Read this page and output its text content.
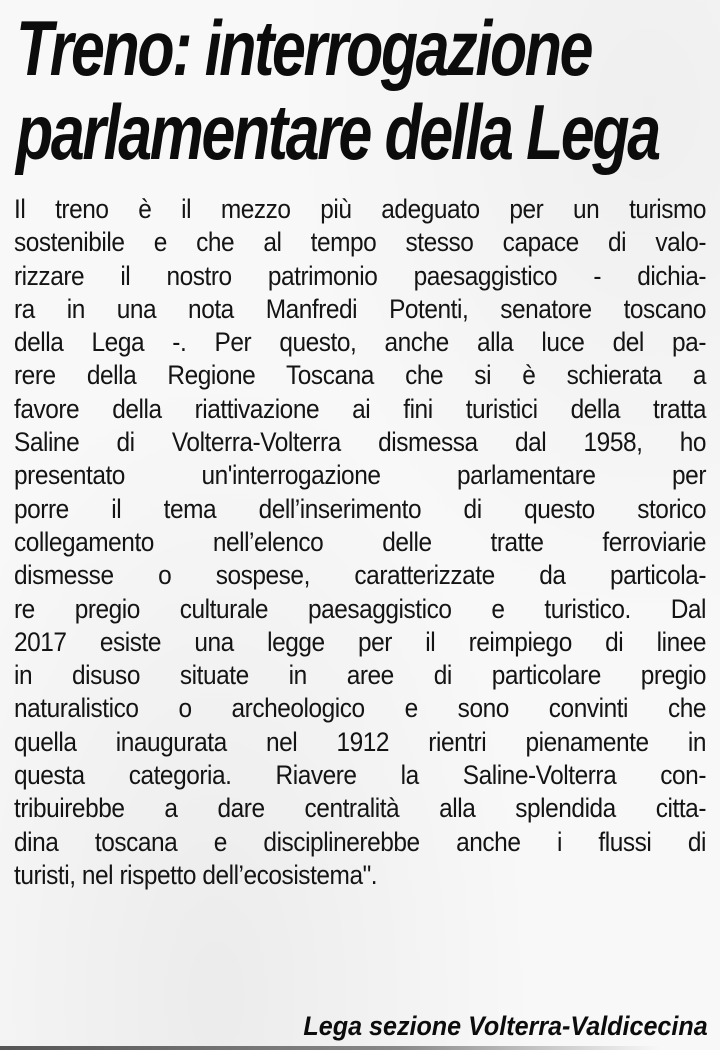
Treno: interrogazione
parlamentare della Lega
Il treno è il mezzo più adeguato per un turismo
sostenibile e che al tempo stesso capace di valo-
rizzare il nostro patrimonio paesaggistico - dichia-
ra in una nota Manfredi Potenti, senatore toscano
della Lega -. Per questo, anche alla luce del pa-
rere della Regione Toscana che si è schierata a
favore della riattivazione ai fini turistici della tratta
Saline di Volterra-Volterra dismessa dal 1958, ho
presentato un'interrogazione parlamentare per
porre il tema dell’inserimento di questo storico
collegamento nell’elenco delle tratte ferroviarie
dismesse o sospese, caratterizzate da particola-
re pregio culturale paesaggistico e turistico. Dal
2017 esiste una legge per il reimpiego di linee
in disuso situate in aree di particolare pregio
naturalistico o archeologico e sono convinti che
quella inaugurata nel 1912 rientri pienamente in
questa categoria. Riavere la Saline-Volterra con-
tribuirebbe a dare centralità alla splendida citta-
dina toscana e disciplinerebbe anche i flussi di
turisti, nel rispetto dell’ecosistema".
Lega sezione Volterra-Valdicecina
